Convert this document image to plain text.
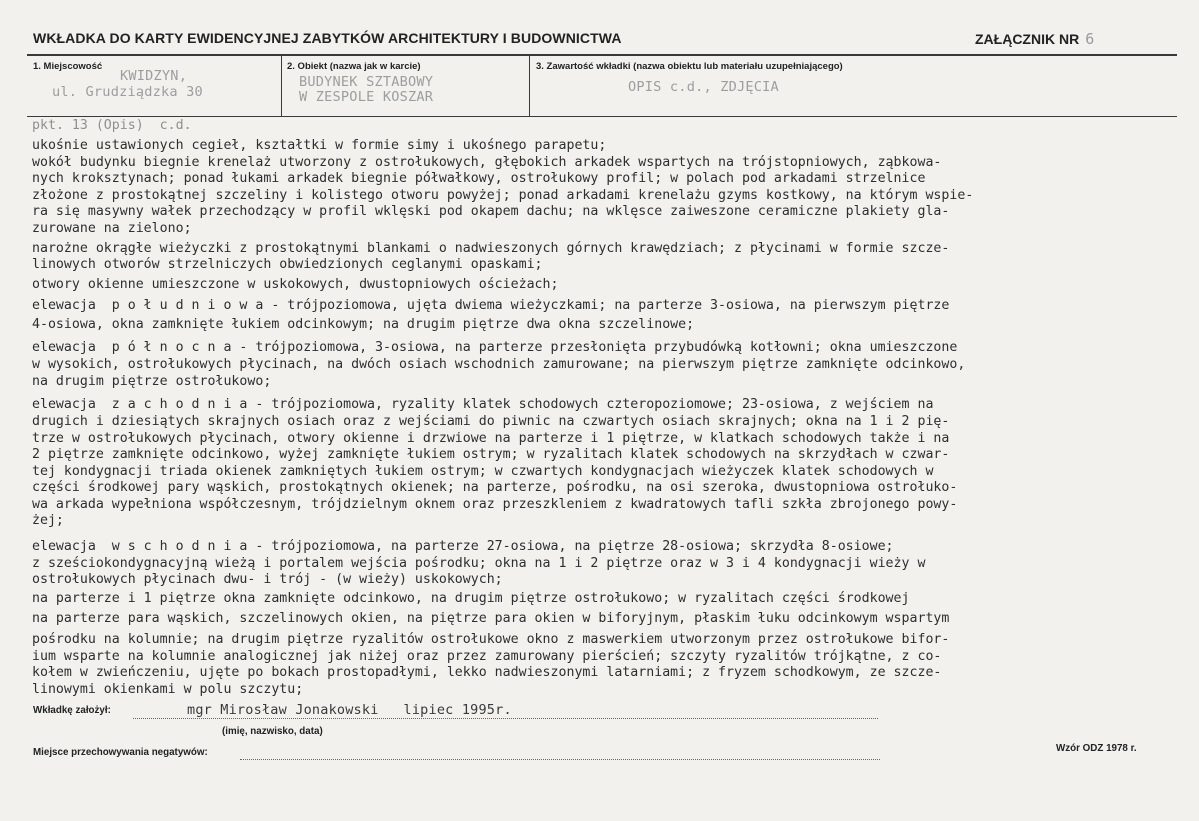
WKŁADKA DO KARTY EWIDENCYJNEJ ZABYTKÓW ARCHITEKTURY I BUDOWNICTWA	ZAŁĄCZNIK NR 6
1. Miejscowość
KWIDZYN,
ul. Grudziądzka 30
2. Obiekt (nazwa jak w karcie)
BUDYNEK SZTABOWY
W ZESPOLE KOSZAR
3. Zawartość wkładki (nazwa obiektu lub materiału uzupełniającego)
OPIS c.d., ZDJĘCIA
pkt. 13 (Opis)  c.d.
ukośnie ustawionych cegieł, kształtki w formie simy i ukośnego parapetu;
wokół budynku biegnie krenelaż utworzony z ostrołukowych, głębokich arkadek wspartych na trójstopniowych, ząbkowa-
nych kroksztynach; ponad łukami arkadek biegnie półwałkowy, ostrołukowy profil; w polach pod arkadami strzelnice
złożone z prostokątnej szczeliny i kolistego otworu powyżej; ponad arkadami krenelażu gzyms kostkowy, na którym wspie-
ra się masywny wałek przechodzący w profil wklęski pod okapem dachu; na wklęsce zaiweszone ceramiczne plakiety gla-
zurowane na zielono;
narożne okrągłe wieżyczki z prostokątnymi blankami o nadwieszonych górnych krawędziach; z płycinami w formie szcze-
linowych otworów strzelniczych obwiedzionych ceglanymi opaskami;
otwory okienne umieszczone w uskokowych, dwustopniowych ościeżach;
elewacja  p o ł u d n i o w a - trójpoziomowa, ujęta dwiema wieżyczkami; na parterze 3-osiowa, na pierwszym piętrze
4-osiowa, okna zamknięte łukiem odcinkowym; na drugim piętrze dwa okna szczelinowe;
elewacja  p ó ł n o c n a - trójpoziomowa, 3-osiowa, na parterze przesłonięta przybudówką kotłowni; okna umieszczone
w wysokich, ostrołukowych płycinach, na dwóch osiach wschodnich zamurowane; na pierwszym piętrze zamknięte odcinkowo,
na drugim piętrze ostrołukowo;
elewacja  z a c h o d n i a - trójpoziomowa, ryzality klatek schodowych czteropoziomowe; 23-osiowa, z wejściem na
drugich i dziesiątych skrajnych osiach oraz z wejściami do piwnic na czwartych osiach skrajnych; okna na 1 i 2 pię-
trze w ostrołukowych płycinach, otwory okienne i drzwiowe na parterze i 1 piętrze, w klatkach schodowych także i na
2 piętrze zamknięte odcinkowo, wyżej zamknięte łukiem ostrym; w ryzalitach klatek schodowych na skrzydłach w czwar-
tej kondygnacji triada okienek zamkniętych łukiem ostrym; w czwartych kondygnacjach wieżyczek klatek schodowych w
części środkowej pary wąskich, prostokątnych okienek; na parterze, pośrodku, na osi szeroka, dwustopniowa ostrołuko-
wa arkada wypełniona współczesnym, trójdzielnym oknem oraz przeszkleniem z kwadratowych tafli szkła zbrojonego powy-
żej;
elewacja  w s c h o d n i a - trójpoziomowa, na parterze 27-osiowa, na piętrze 28-osiowa; skrzydła 8-osiowe;
z sześciokondygnacyjną wieżą i portalem wejścia pośrodku; okna na 1 i 2 piętrze oraz w 3 i 4 kondygnacji wieży w
ostrołukowych płycinach dwu- i trój - (w wieży) uskokowych;
na parterze i 1 piętrze okna zamknięte odcinkowo, na drugim piętrze ostrołukowo; w ryzalitach części środkowej
na parterze para wąskich, szczelinowych okien, na piętrze para okien w biforyjnym, płaskim łuku odcinkowym wspartym
pośrodku na kolumnie; na drugim piętrze ryzalitów ostrołukowe okno z maswerkiem utworzonym przez ostrołukowe bifor-
ium wsparte na kolumnie analogicznej jak niżej oraz przez zamurowany pierścień; szczyty ryzalitów trójkątne, z co-
kołem w zwieńczeniu, ujęte po bokach prostopadłymi, lekko nadwieszonymi latarniami; z fryzem schodkowym, ze szcze-
linowymi okienkami w polu szczytu;
Wkładkę założył:	mgr Mirosław Jonakowski   lipiec 1995r.
(imię, nazwisko, data)
Miejsce przechowywania negatywów:	Wzór ODZ 1978 r.
